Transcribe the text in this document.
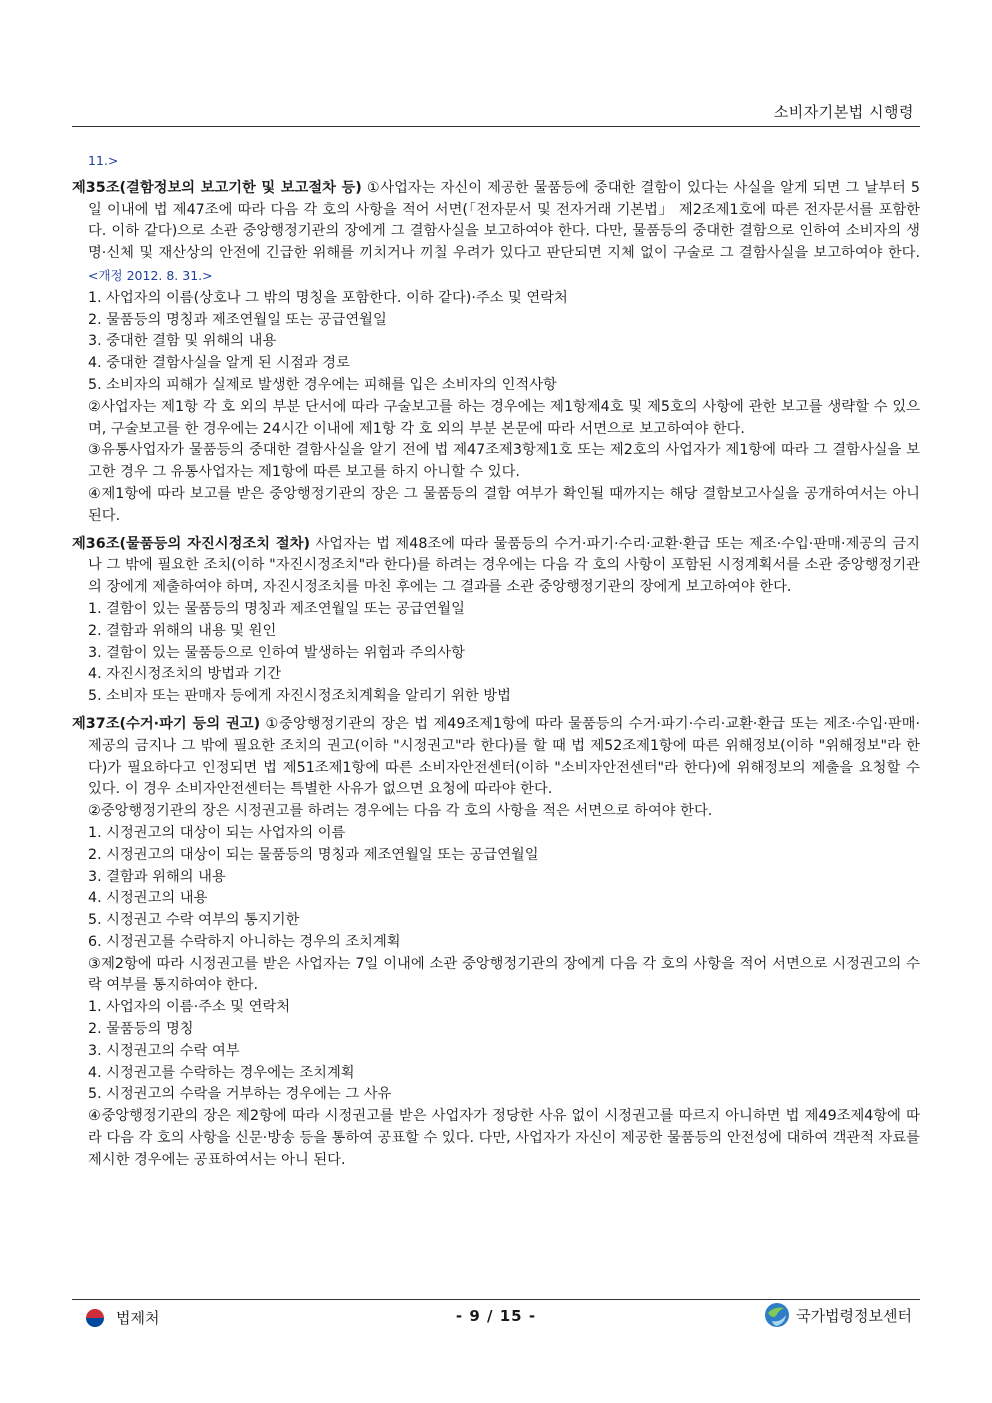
소비자기본법 시행령
11.>
제35조(결함정보의 보고기한 및 보고절차 등) ①사업자는 자신이 제공한 물품등에 중대한 결함이 있다는 사실을 알게 되면 그 날부터 5일 이내에 법 제47조에 따라 다음 각 호의 사항을 적어 서면(「전자문서 및 전자거래 기본법」 제2조제1호에 따른 전자문서를 포함한다. 이하 같다)으로 소관 중앙행정기관의 장에게 그 결함사실을 보고하여야 한다. 다만, 물품등의 중대한 결함으로 인하여 소비자의 생명·신체 및 재산상의 안전에 긴급한 위해를 끼치거나 끼칠 우려가 있다고 판단되면 지체 없이 구술로 그 결함사실을 보고하여야 한다. <개정 2012. 8. 31.>
1. 사업자의 이름(상호나 그 밖의 명칭을 포함한다. 이하 같다)·주소 및 연락처
2. 물품등의 명칭과 제조연월일 또는 공급연월일
3. 중대한 결함 및 위해의 내용
4. 중대한 결함사실을 알게 된 시점과 경로
5. 소비자의 피해가 실제로 발생한 경우에는 피해를 입은 소비자의 인적사항
②사업자는 제1항 각 호 외의 부분 단서에 따라 구술보고를 하는 경우에는 제1항제4호 및 제5호의 사항에 관한 보고를 생략할 수 있으며, 구술보고를 한 경우에는 24시간 이내에 제1항 각 호 외의 부분 본문에 따라 서면으로 보고하여야 한다.
③유통사업자가 물품등의 중대한 결함사실을 알기 전에 법 제47조제3항제1호 또는 제2호의 사업자가 제1항에 따라 그 결함사실을 보고한 경우 그 유통사업자는 제1항에 따른 보고를 하지 아니할 수 있다.
④제1항에 따라 보고를 받은 중앙행정기관의 장은 그 물품등의 결함 여부가 확인될 때까지는 해당 결함보고사실을 공개하여서는 아니 된다.
제36조(물품등의 자진시정조치 절차) 사업자는 법 제48조에 따라 물품등의 수거·파기·수리·교환·환급 또는 제조·수입·판매·제공의 금지나 그 밖에 필요한 조치(이하 "자진시정조치"라 한다)를 하려는 경우에는 다음 각 호의 사항이 포함된 시정계획서를 소관 중앙행정기관의 장에게 제출하여야 하며, 자진시정조치를 마친 후에는 그 결과를 소관 중앙행정기관의 장에게 보고하여야 한다.
1. 결함이 있는 물품등의 명칭과 제조연월일 또는 공급연월일
2. 결함과 위해의 내용 및 원인
3. 결함이 있는 물품등으로 인하여 발생하는 위험과 주의사항
4. 자진시정조치의 방법과 기간
5. 소비자 또는 판매자 등에게 자진시정조치계획을 알리기 위한 방법
제37조(수거·파기 등의 권고) ①중앙행정기관의 장은 법 제49조제1항에 따라 물품등의 수거·파기·수리·교환·환급 또는 제조·수입·판매·제공의 금지나 그 밖에 필요한 조치의 권고(이하 "시정권고"라 한다)를 할 때 법 제52조제1항에 따른 위해정보(이하 "위해정보"라 한다)가 필요하다고 인정되면 법 제51조제1항에 따른 소비자안전센터(이하 "소비자안전센터"라 한다)에 위해정보의 제출을 요청할 수 있다. 이 경우 소비자안전센터는 특별한 사유가 없으면 요청에 따라야 한다.
②중앙행정기관의 장은 시정권고를 하려는 경우에는 다음 각 호의 사항을 적은 서면으로 하여야 한다.
1. 시정권고의 대상이 되는 사업자의 이름
2. 시정권고의 대상이 되는 물품등의 명칭과 제조연월일 또는 공급연월일
3. 결함과 위해의 내용
4. 시정권고의 내용
5. 시정권고 수락 여부의 통지기한
6. 시정권고를 수락하지 아니하는 경우의 조치계획
③제2항에 따라 시정권고를 받은 사업자는 7일 이내에 소관 중앙행정기관의 장에게 다음 각 호의 사항을 적어 서면으로 시정권고의 수락 여부를 통지하여야 한다.
1. 사업자의 이름·주소 및 연락처
2. 물품등의 명칭
3. 시정권고의 수락 여부
4. 시정권고를 수락하는 경우에는 조치계획
5. 시정권고의 수락을 거부하는 경우에는 그 사유
④중앙행정기관의 장은 제2항에 따라 시정권고를 받은 사업자가 정당한 사유 없이 시정권고를 따르지 아니하면 법 제49조제4항에 따라 다음 각 호의 사항을 신문·방송 등을 통하여 공표할 수 있다. 다만, 사업자가 자신이 제공한 물품등의 안전성에 대하여 객관적 자료를 제시한 경우에는 공표하여서는 아니 된다.
법제처	- 9 / 15 -	국가법령정보센터
